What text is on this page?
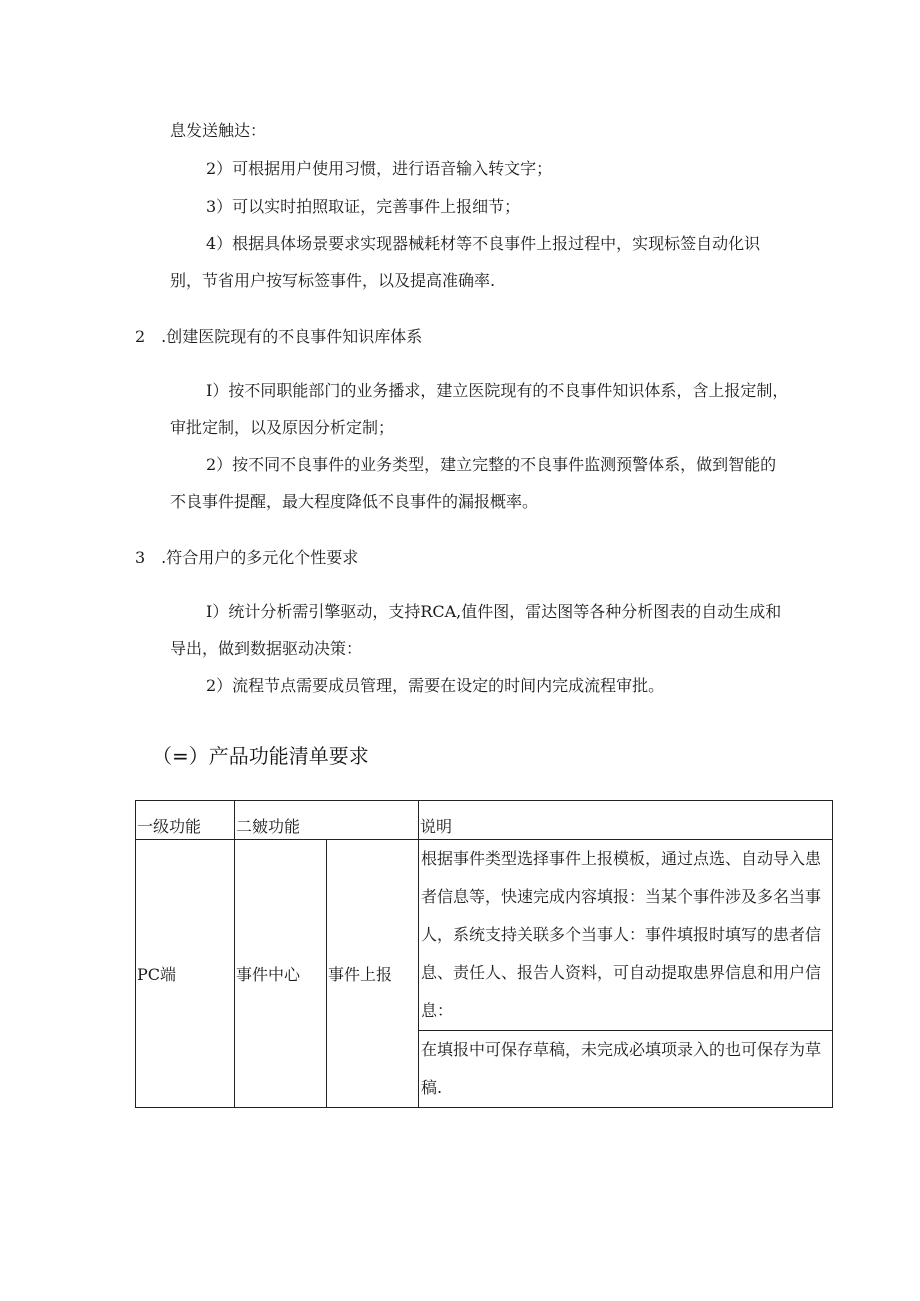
息发送触达：
2）可根据用户使用习惯，进行语音输入转文字；
3）可以实时拍照取证，完善事件上报细节；
4）根据具体场景要求实现器械耗材等不良事件上报过程中，实现标签自动化识
别，节省用户按写标签事件，以及提高准确率.
2　.创建医院现有的不良事件知识库体系
I）按不同职能部门的业务播求，建立医院现有的不良事件知识体系，含上报定制，
审批定制，以及原因分析定制；
2）按不同不良事件的业务类型，建立完整的不良事件监测预警体系，做到智能的
不良事件提醒，最大程度降低不良事件的漏报概率。
3　.符合用户的多元化个性要求
I）统计分析需引擎驱动，支持RCA,值件图，雷达图等各种分析图表的自动生成和
导出，做到数据驱动决策：
2）流程节点需要成员管理，需要在设定的时间内完成流程审批。
（=）产品功能清单要求
一级功能	二皴功能		说明
PC端	事件中心	事件上报	根据事件类型选择事件上报模板，通过点选、自动导入患者信息等，快速完成内容填报：当某个事件涉及多名当事人，系统支持关联多个当事人：事件填报时填写的患者信息、责任人、报告人资料，可自动提取患界信息和用户信息：
			在填报中可保存草稿，未完成必填项录入的也可保存为草稿.
